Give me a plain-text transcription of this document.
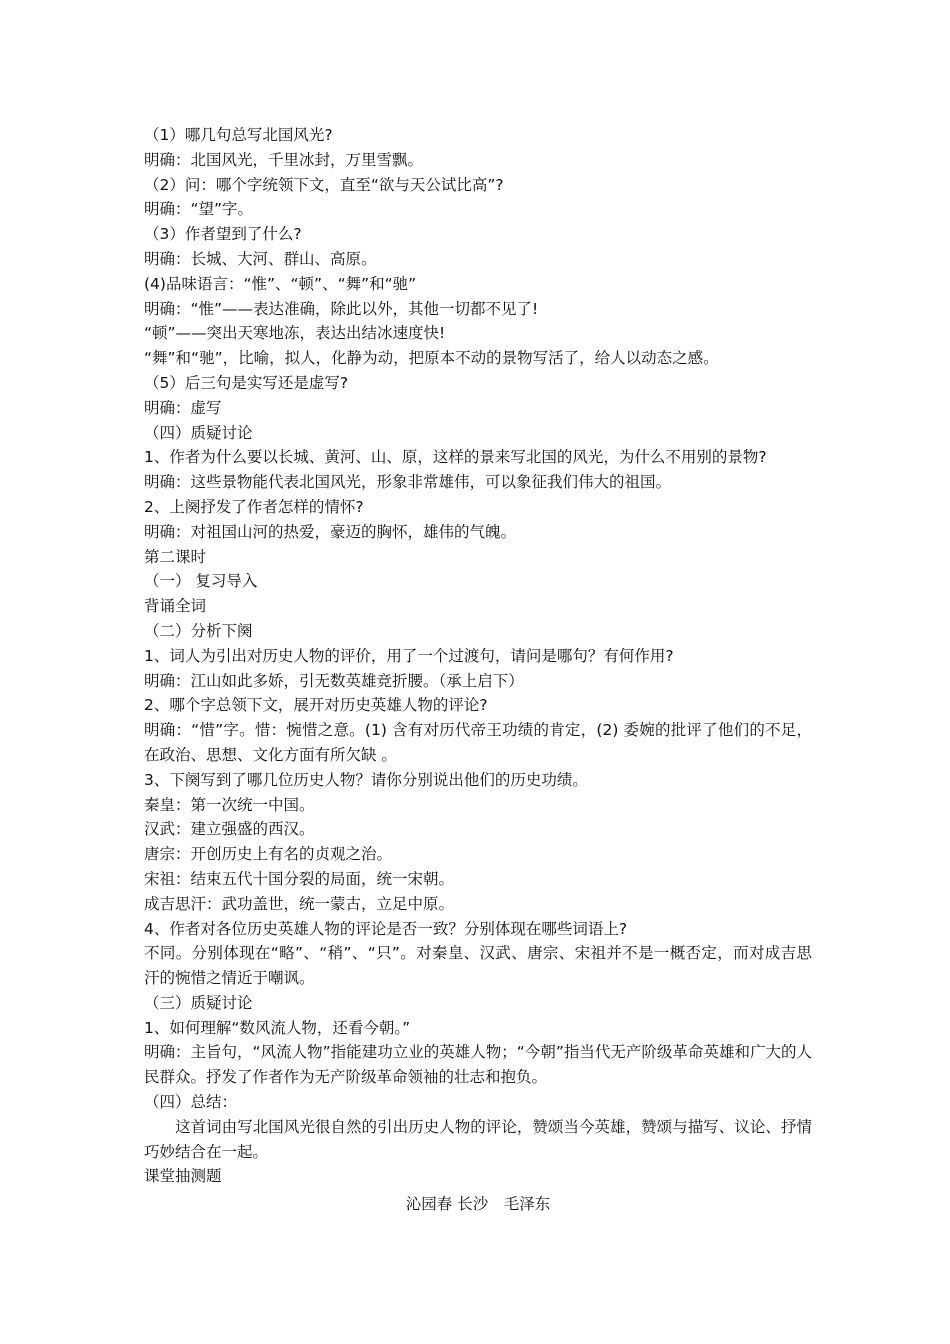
（1）哪几句总写北国风光?
明确：北国风光，千里冰封，万里雪飘。
（2）问：哪个字统领下文，直至“欲与天公试比高”?
明确：“望”字。
（3）作者望到了什么?
明确：长城、大河、群山、高原。
(4)品味语言：“惟”、“顿”、“舞”和“驰”
明确：“惟”——表达准确，除此以外，其他一切都不见了!
“顿”——突出天寒地冻，表达出结冰速度快!
“舞”和“驰”，比喻，拟人，化静为动，把原本不动的景物写活了，给人以动态之感。
（5）后三句是实写还是虚写?
明确：虚写
（四）质疑讨论
1、作者为什么要以长城、黄河、山、原，这样的景来写北国的风光，为什么不用别的景物?
明确：这些景物能代表北国风光，形象非常雄伟，可以象征我们伟大的祖国。
2、上阕抒发了作者怎样的情怀?
明确：对祖国山河的热爱，豪迈的胸怀，雄伟的气魄。
第二课时
（一） 复习导入
背诵全词
（二）分析下阕
1、词人为引出对历史人物的评价，用了一个过渡句，请问是哪句？有何作用?
明确：江山如此多娇，引无数英雄竞折腰。（承上启下）
2、哪个字总领下文，展开对历史英雄人物的评论?
明确：“惜”字。惜：惋惜之意。(1) 含有对历代帝王功绩的肯定，(2) 委婉的批评了他们的不足，在政治、思想、文化方面有所欠缺 。
3、下阕写到了哪几位历史人物？请你分别说出他们的历史功绩。
秦皇：第一次统一中国。
汉武：建立强盛的西汉。
唐宗：开创历史上有名的贞观之治。
宋祖：结束五代十国分裂的局面，统一宋朝。
成吉思汗：武功盖世，统一蒙古，立足中原。
4、作者对各位历史英雄人物的评论是否一致？分别体现在哪些词语上?
不同。分别体现在“略”、“稍”、“只”。对秦皇、汉武、唐宗、宋祖并不是一概否定，而对成吉思汗的惋惜之情近于嘲讽。
（三）质疑讨论
1、如何理解“数风流人物，还看今朝。”
明确：主旨句，“风流人物”指能建功立业的英雄人物；“今朝”指当代无产阶级革命英雄和广大的人民群众。抒发了作者作为无产阶级革命领袖的壮志和抱负。
（四）总结：
　　这首词由写北国风光很自然的引出历史人物的评论，赞颂当今英雄，赞颂与描写、议论、抒情巧妙结合在一起。
课堂抽测题
沁园春 长沙　毛泽东
